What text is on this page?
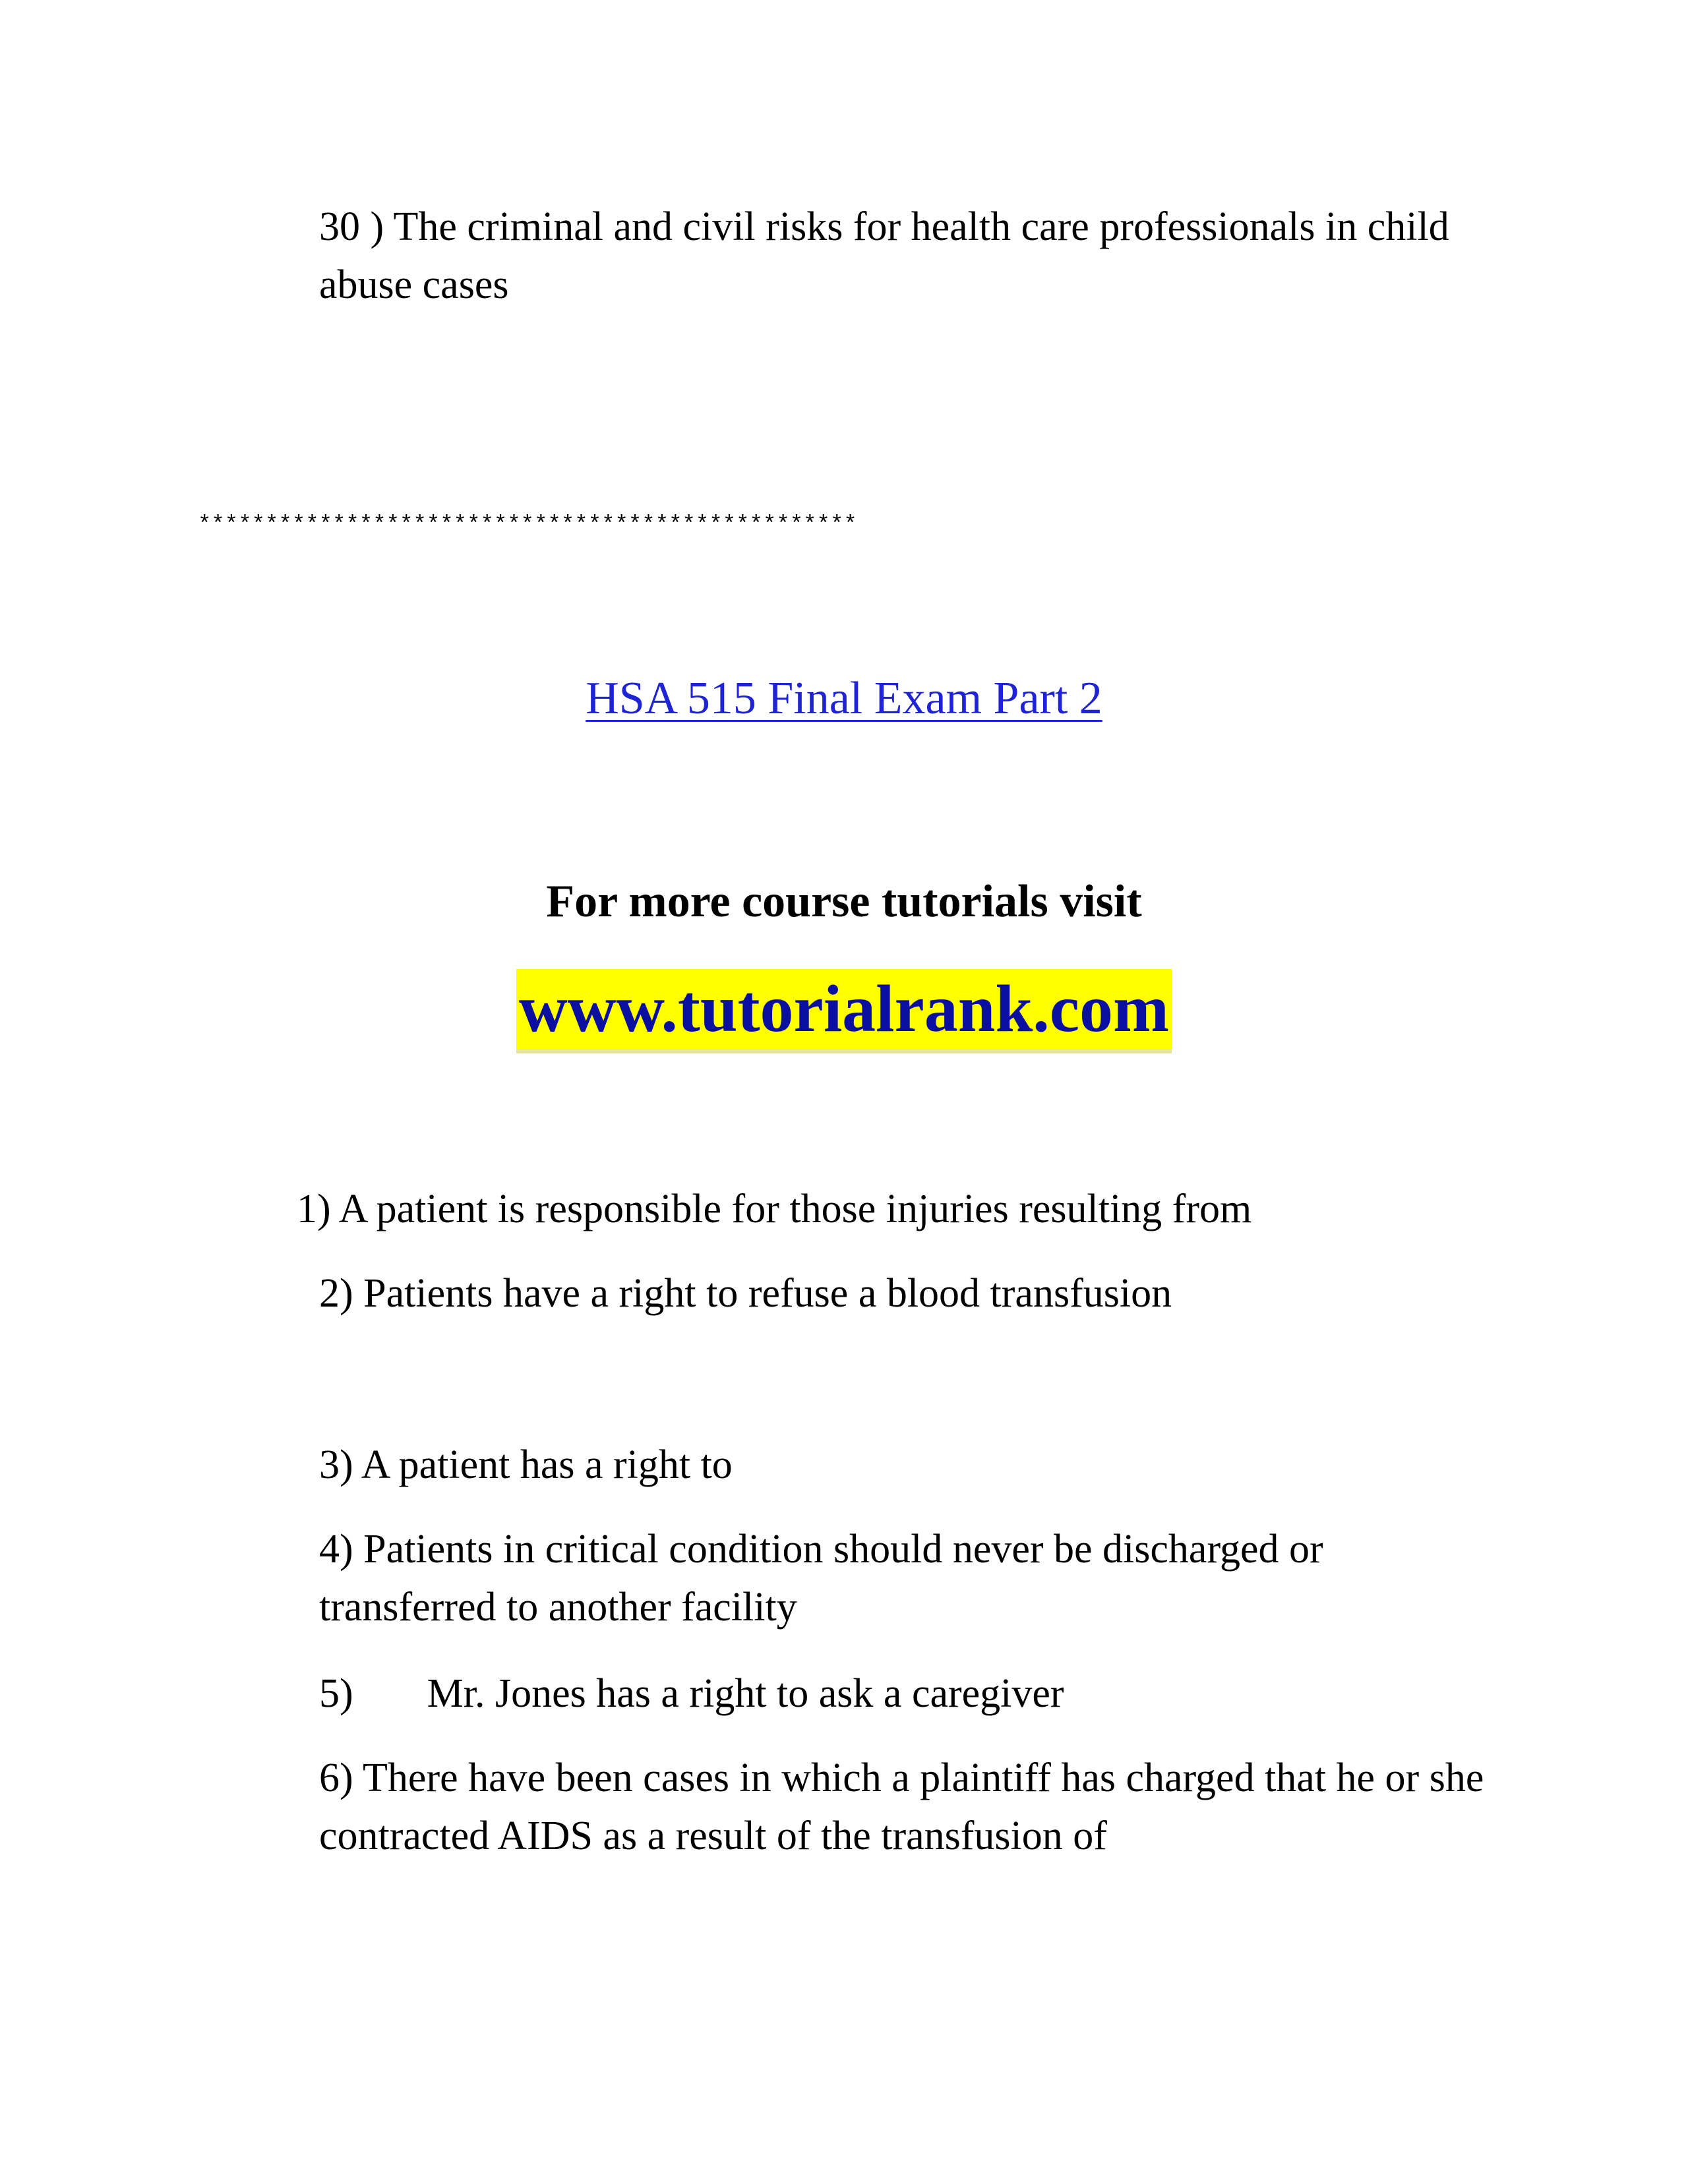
30 ) The criminal and civil risks for health care professionals in child abuse cases

*************************************************
HSA 515 Final Exam Part 2
For more course tutorials visit
www.tutorialrank.com

1) A patient is responsible for those injuries resulting from

2) Patients have a right to refuse a blood transfusion

3) A patient has a right to

4) Patients in critical condition should never be discharged or transferred to another facility

5) Mr. Jones has a right to ask a caregiver

6) There have been cases in which a plaintiff has charged that he or she contracted AIDS as a result of the transfusion of
